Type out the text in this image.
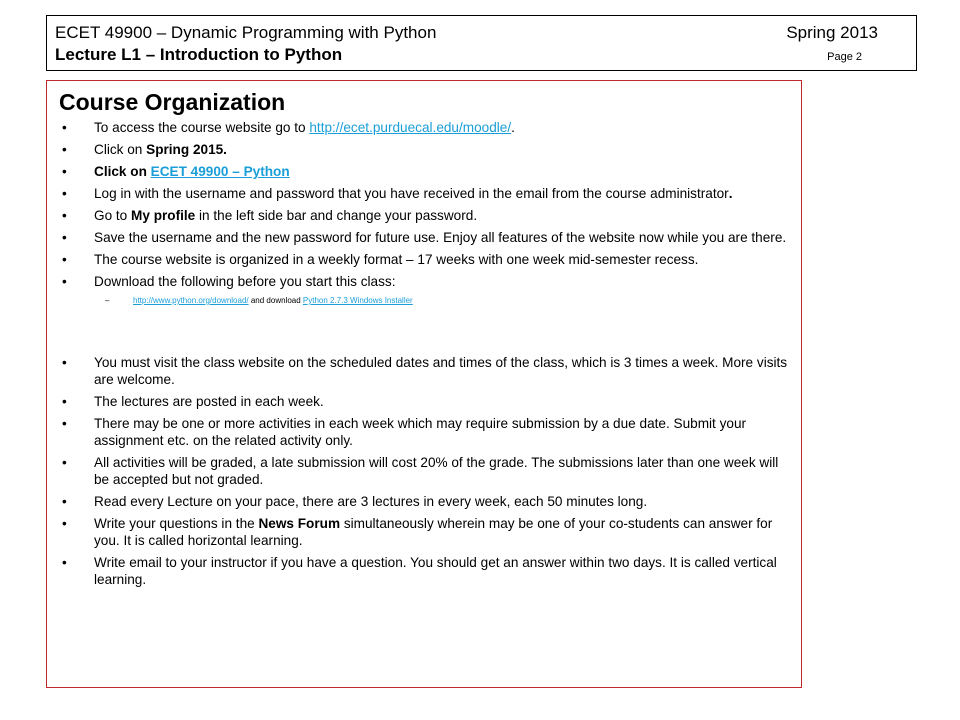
ECET 49900 – Dynamic Programming with Python	Spring 2013
Lecture L1 – Introduction to Python	Page 2
Course Organization
• To access the course website go to http://ecet.purduecal.edu/moodle/.
• Click on Spring 2015.
• Click on ECET 49900 – Python
• Log in with the username and password that you have received in the email from the course administrator.
• Go to My profile in the left side bar and change your password.
• Save the username and the new password for future use. Enjoy all features of the website now while you are there.
• The course website is organized in a weekly format – 17 weeks with one week mid-semester recess.
• Download the following before you start this class:
–	http://www.python.org/download/ and download Python 2.7.3 Windows Installer
• You must visit the class website on the scheduled dates and times of the class, which is 3 times a week. More visits are welcome.
• The lectures are posted in each week.
• There may be one or more activities in each week which may require submission by a due date. Submit your assignment etc. on the related activity only.
• All activities will be graded, a late submission will cost 20% of the grade. The submissions later than one week will be accepted but not graded.
• Read every Lecture on your pace, there are 3 lectures in every week, each 50 minutes long.
• Write your questions in the News Forum simultaneously wherein may be one of your co-students can answer for you. It is called horizontal learning.
• Write email to your instructor if you have a question. You should get an answer within two days. It is called vertical learning.
